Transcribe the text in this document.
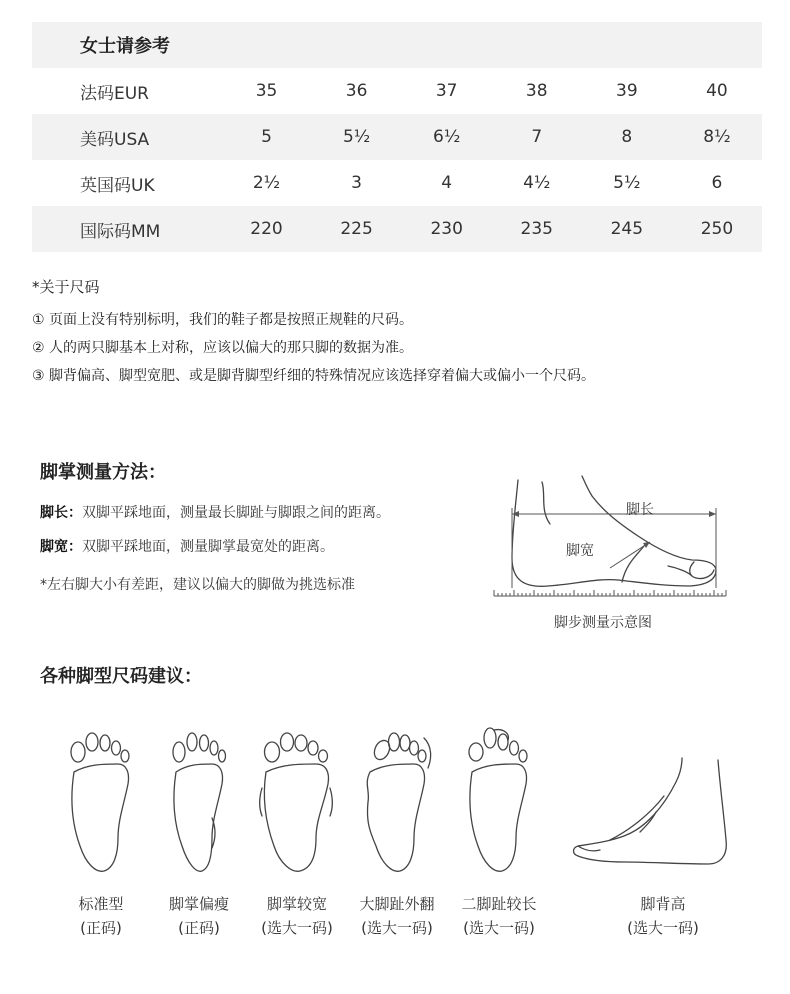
女士请参考						
法码EUR	35	36	37	38	39	40
美码USA	5	5½	6½	7	8	8½
英国码UK	2½	3	4	4½	5½	6
国际码MM	220	225	230	235	245	250
*关于尺码
① 页面上没有特别标明，我们的鞋子都是按照正规鞋的尺码。
② 人的两只脚基本上对称，应该以偏大的那只脚的数据为准。
③ 脚背偏高、脚型宽肥、或是脚背脚型纤细的特殊情况应该选择穿着偏大或偏小一个尺码。
脚掌测量方法：
脚长：双脚平踩地面，测量最长脚趾与脚跟之间的距离。
脚宽：双脚平踩地面，测量脚掌最宽处的距离。
*左右脚大小有差距，建议以偏大的脚做为挑选标准
脚长
脚宽
脚步测量示意图
各种脚型尺码建议：
标准型
(正码)
脚掌偏瘦
(正码)
脚掌较宽
(选大一码)
大脚趾外翻
(选大一码)
二脚趾较长
(选大一码)
脚背高
(选大一码)
